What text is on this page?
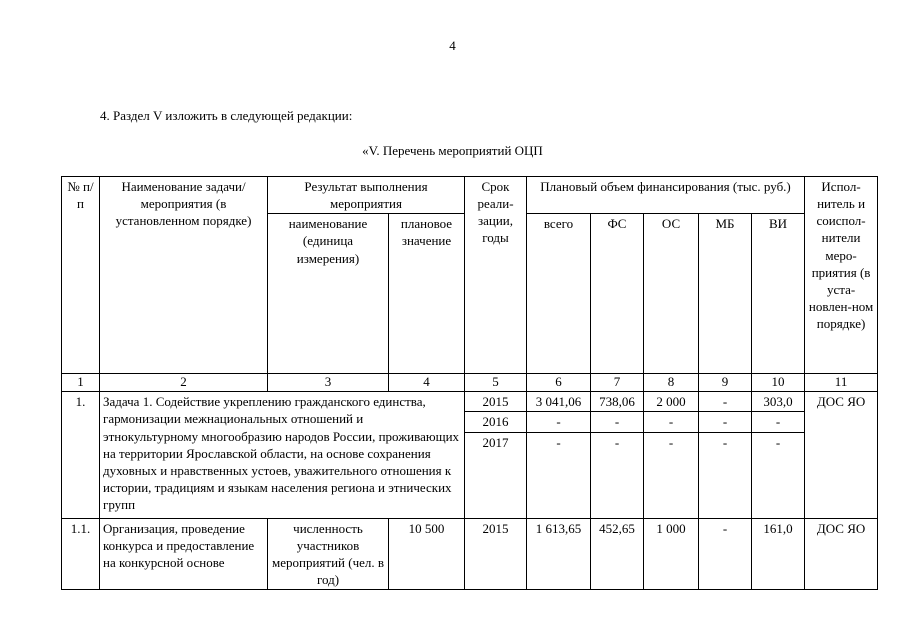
4
4. Раздел V изложить в следующей редакции:
«V. Перечень мероприятий ОЦП
№ п/п	Наименование задачи/мероприятия (в установленном порядке)	Результат выполнения мероприятия		Срок реали-зации, годы	Плановый объем финансирования (тыс. руб.)					Испол-нитель и соиспол-нители меро-приятия (в уста-новлен-ном порядке)
		наименование (единица измерения)	плановое значение		всего	ФС	ОС	МБ	ВИ	
1	2	3	4	5	6	7	8	9	10	11
1.	Задача 1. Содействие укреплению гражданского единства, гармонизации межнациональных отношений и этнокультурному многообразию народов России, проживающих на территории Ярославской области, на основе сохранения духовных и нравственных устоев, уважительного отношения к истории, традициям и языкам населения региона и этнических групп			2015	3 041,06	738,06	2 000	-	303,0	ДОС ЯО
				2016	-	-	-	-	-	
				2017	-	-	-	-	-	
1.1.	Организация, проведение конкурса и предоставление на конкурсной основе	численность участников мероприятий (чел. в год)	10 500	2015	1 613,65	452,65	1 000	-	161,0	ДОС ЯО
